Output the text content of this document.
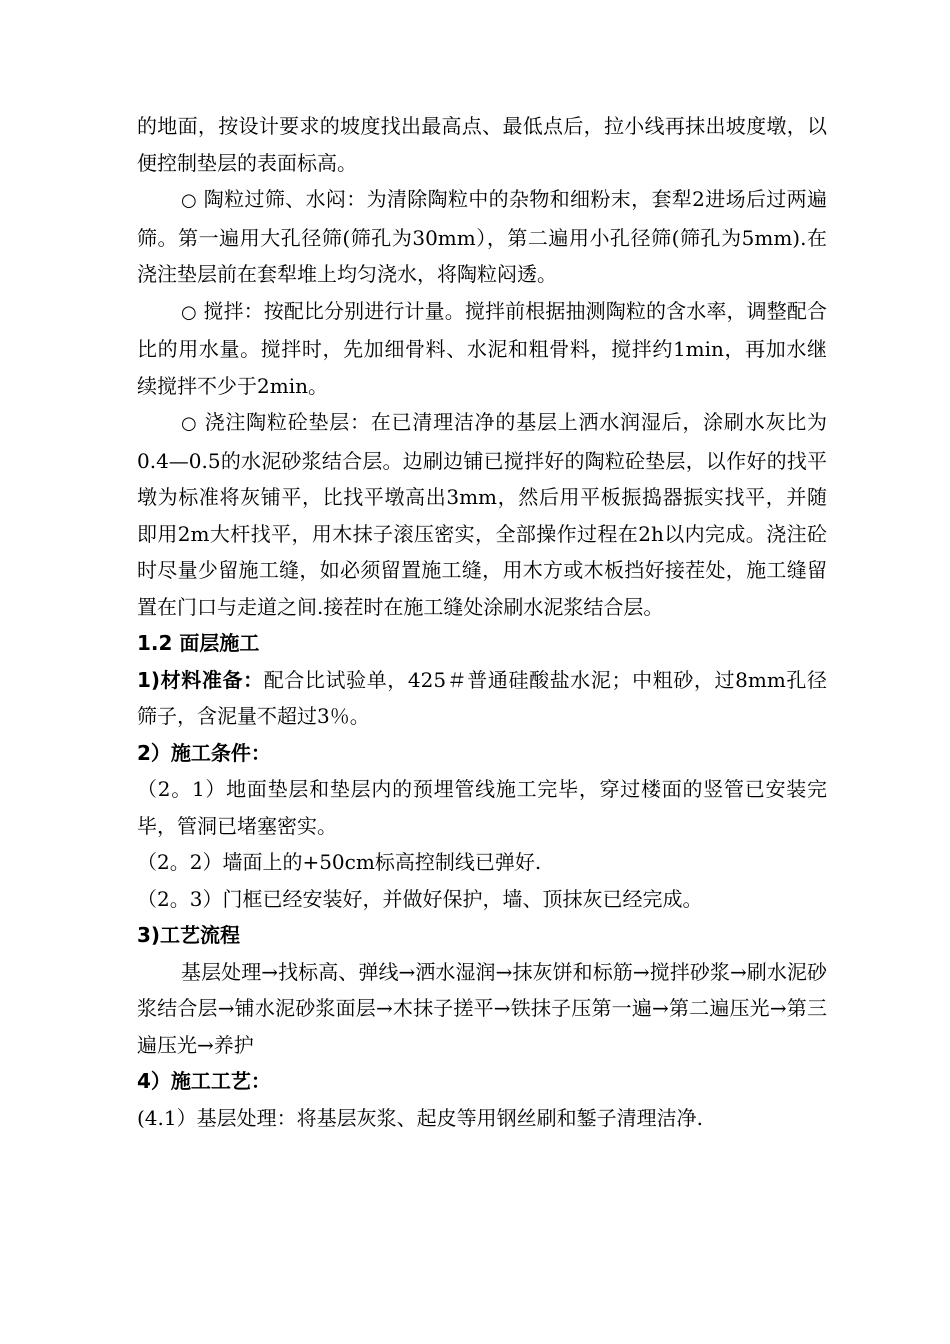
的地面，按设计要求的坡度找出最高点、最低点后，拉小线再抹出坡度墩，以便控制垫层的表面标高。

○ 陶粒过筛、水闷：为清除陶粒中的杂物和细粉末，套犁2进场后过两遍筛。第一遍用大孔径筛(筛孔为30mm），第二遍用小孔径筛(筛孔为5mm).在浇注垫层前在套犁堆上均匀浇水，将陶粒闷透。

○ 搅拌：按配比分别进行计量。搅拌前根据抽测陶粒的含水率，调整配合比的用水量。搅拌时，先加细骨料、水泥和粗骨料，搅拌约1min，再加水继续搅拌不少于2min。

○ 浇注陶粒砼垫层：在已清理洁净的基层上洒水润湿后，涂刷水灰比为0.4—0.5的水泥砂浆结合层。边刷边铺已搅拌好的陶粒砼垫层，以作好的找平墩为标准将灰铺平，比找平墩高出3mm，然后用平板振捣器振实找平，并随即用2m大杆找平，用木抹子滚压密实，全部操作过程在2h以内完成。浇注砼时尽量少留施工缝，如必须留置施工缝，用木方或木板挡好接茬处，施工缝留置在门口与走道之间.接茬时在施工缝处涂刷水泥浆结合层。

1.2 面层施工

1)材料准备：配合比试验单，425＃普通硅酸盐水泥；中粗砂，过8mm孔径筛子，含泥量不超过3％。

2）施工条件：

（2。1）地面垫层和垫层内的预埋管线施工完毕，穿过楼面的竖管已安装完毕，管洞已堵塞密实。

（2。2）墙面上的+50cm标高控制线已弹好.

（2。3）门框已经安装好，并做好保护，墙、顶抹灰已经完成。

3)工艺流程

基层处理→找标高、弹线→洒水湿润→抹灰饼和标筋→搅拌砂浆→刷水泥砂浆结合层→铺水泥砂浆面层→木抹子搓平→铁抹子压第一遍→第二遍压光→第三遍压光→养护

4）施工工艺：

(4.1）基层处理：将基层灰浆、起皮等用钢丝刷和錾子清理洁净.
